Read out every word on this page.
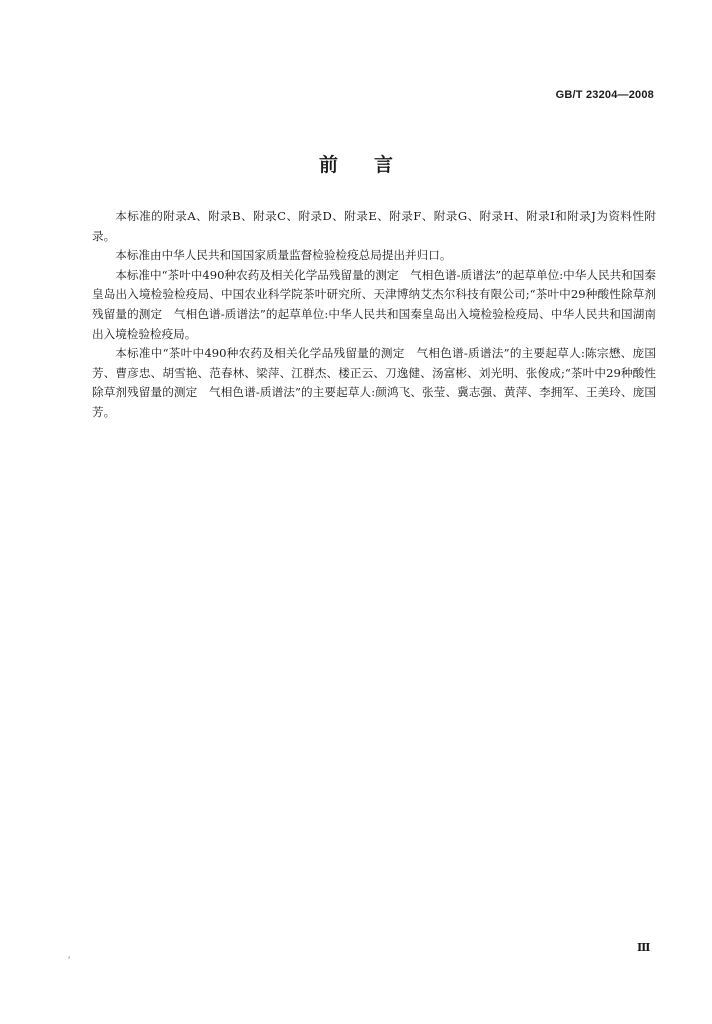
GB/T 23204—2008
前言

本标准的附录A、附录B、附录C、附录D、附录E、附录F、附录G、附录H、附录I和附录J为资料性附录。

本标准由中华人民共和国国家质量监督检验检疫总局提出并归口。

本标准中“茶叶中490种农药及相关化学品残留量的测定　气相色谱-质谱法”的起草单位:中华人民共和国秦皇岛出入境检验检疫局、中国农业科学院茶叶研究所、天津博纳艾杰尔科技有限公司;“茶叶中29种酸性除草剂残留量的测定　气相色谱-质谱法”的起草单位:中华人民共和国秦皇岛出入境检验检疫局、中华人民共和国湖南出入境检验检疫局。

本标准中“茶叶中490种农药及相关化学品残留量的测定　气相色谱-质谱法”的主要起草人:陈宗懋、庞国芳、曹彦忠、胡雪艳、范春林、梁萍、江群杰、楼正云、刀逸健、汤富彬、刘光明、张俊成;“茶叶中29种酸性除草剂残留量的测定　气相色谱-质谱法”的主要起草人:颜鸿飞、张莹、冀志强、黄萍、李拥军、王美玲、庞国芳。

Ⅲ
ʹ
